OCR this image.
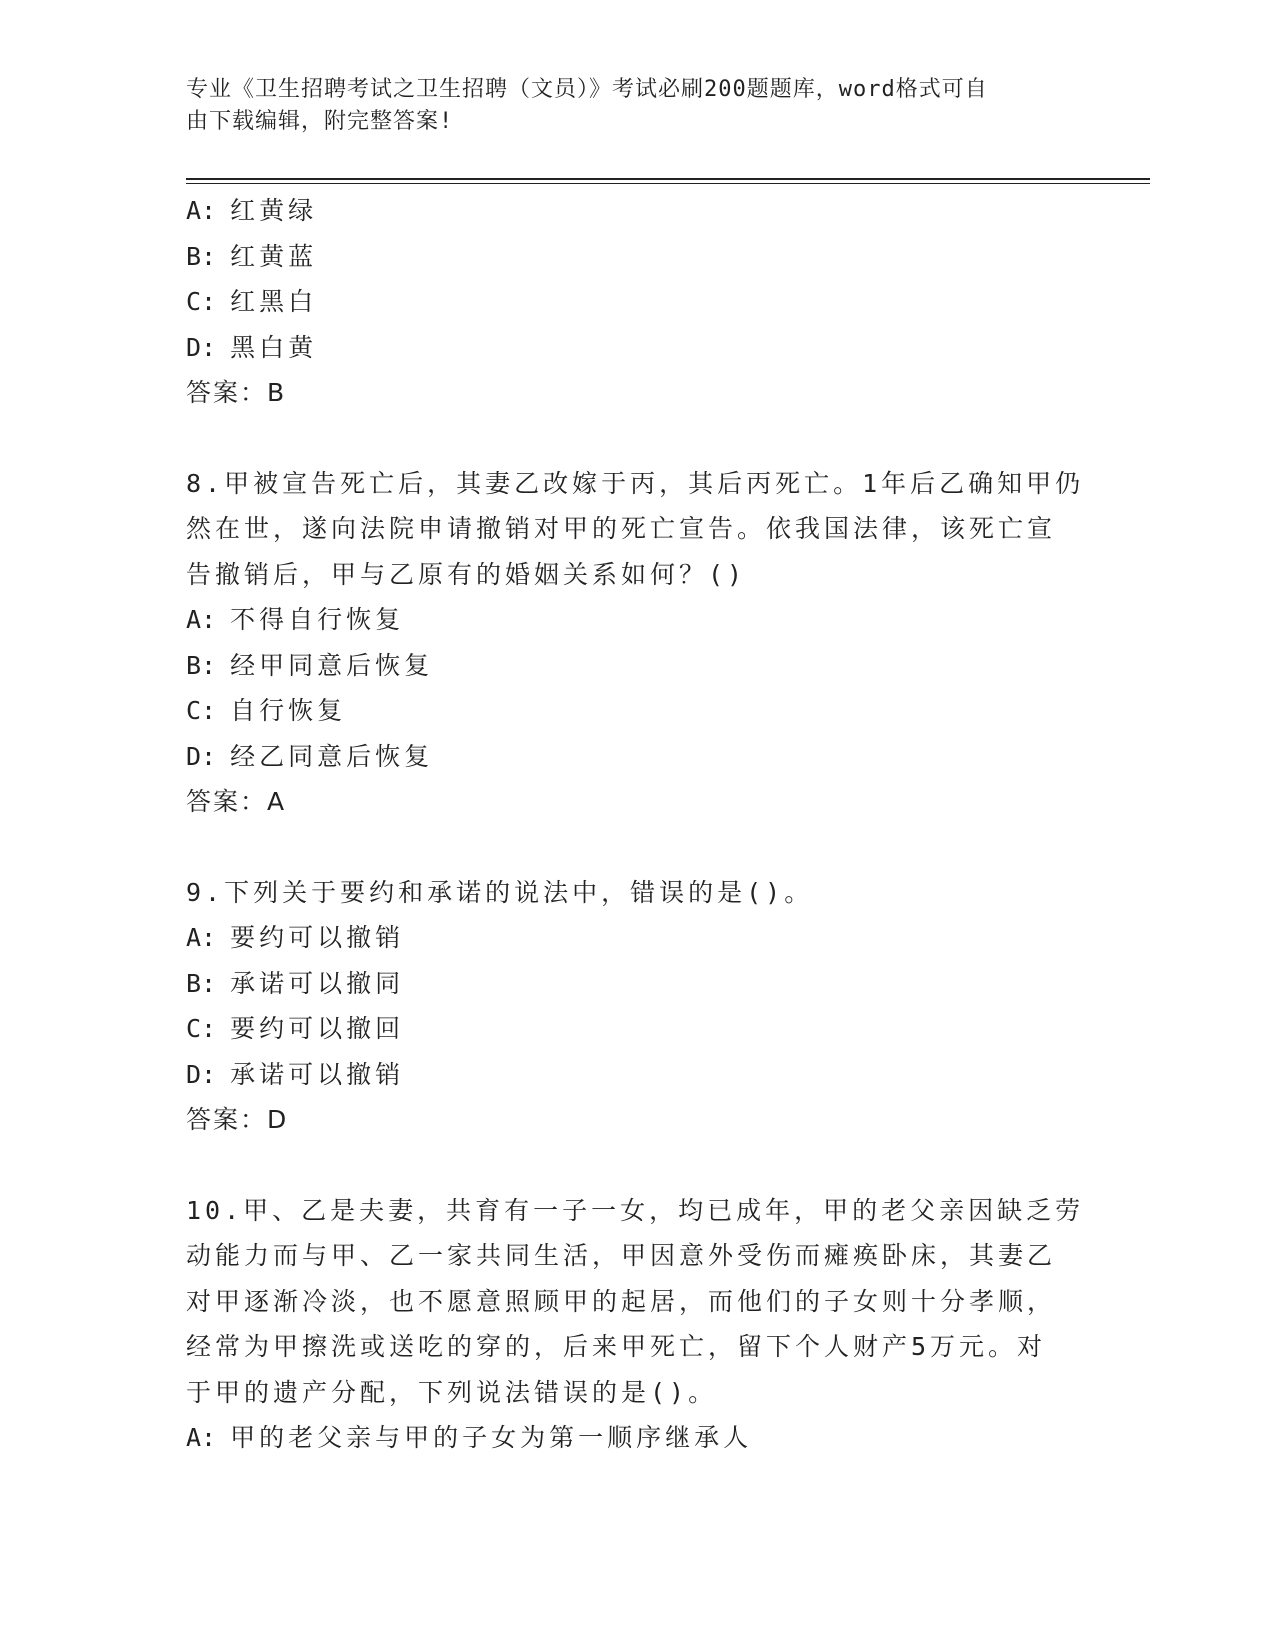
专业《卫生招聘考试之卫生招聘（文员）》考试必刷200题题库，word格式可自
由下载编辑，附完整答案!
A: 红黄绿
B: 红黄蓝
C: 红黑白
D: 黑白黄
答案：B
8.甲被宣告死亡后，其妻乙改嫁于丙，其后丙死亡。1年后乙确知甲仍
然在世，遂向法院申请撤销对甲的死亡宣告。依我国法律，该死亡宣
告撤销后，甲与乙原有的婚姻关系如何？()
A: 不得自行恢复
B: 经甲同意后恢复
C: 自行恢复
D: 经乙同意后恢复
答案：A
9.下列关于要约和承诺的说法中，错误的是()。
A: 要约可以撤销
B: 承诺可以撤同
C: 要约可以撤回
D: 承诺可以撤销
答案：D
10.甲、乙是夫妻，共育有一子一女，均已成年，甲的老父亲因缺乏劳
动能力而与甲、乙一家共同生活，甲因意外受伤而瘫痪卧床，其妻乙
对甲逐渐冷淡，也不愿意照顾甲的起居，而他们的子女则十分孝顺，
经常为甲擦洗或送吃的穿的，后来甲死亡，留下个人财产5万元。对
于甲的遗产分配，下列说法错误的是()。
A: 甲的老父亲与甲的子女为第一顺序继承人
